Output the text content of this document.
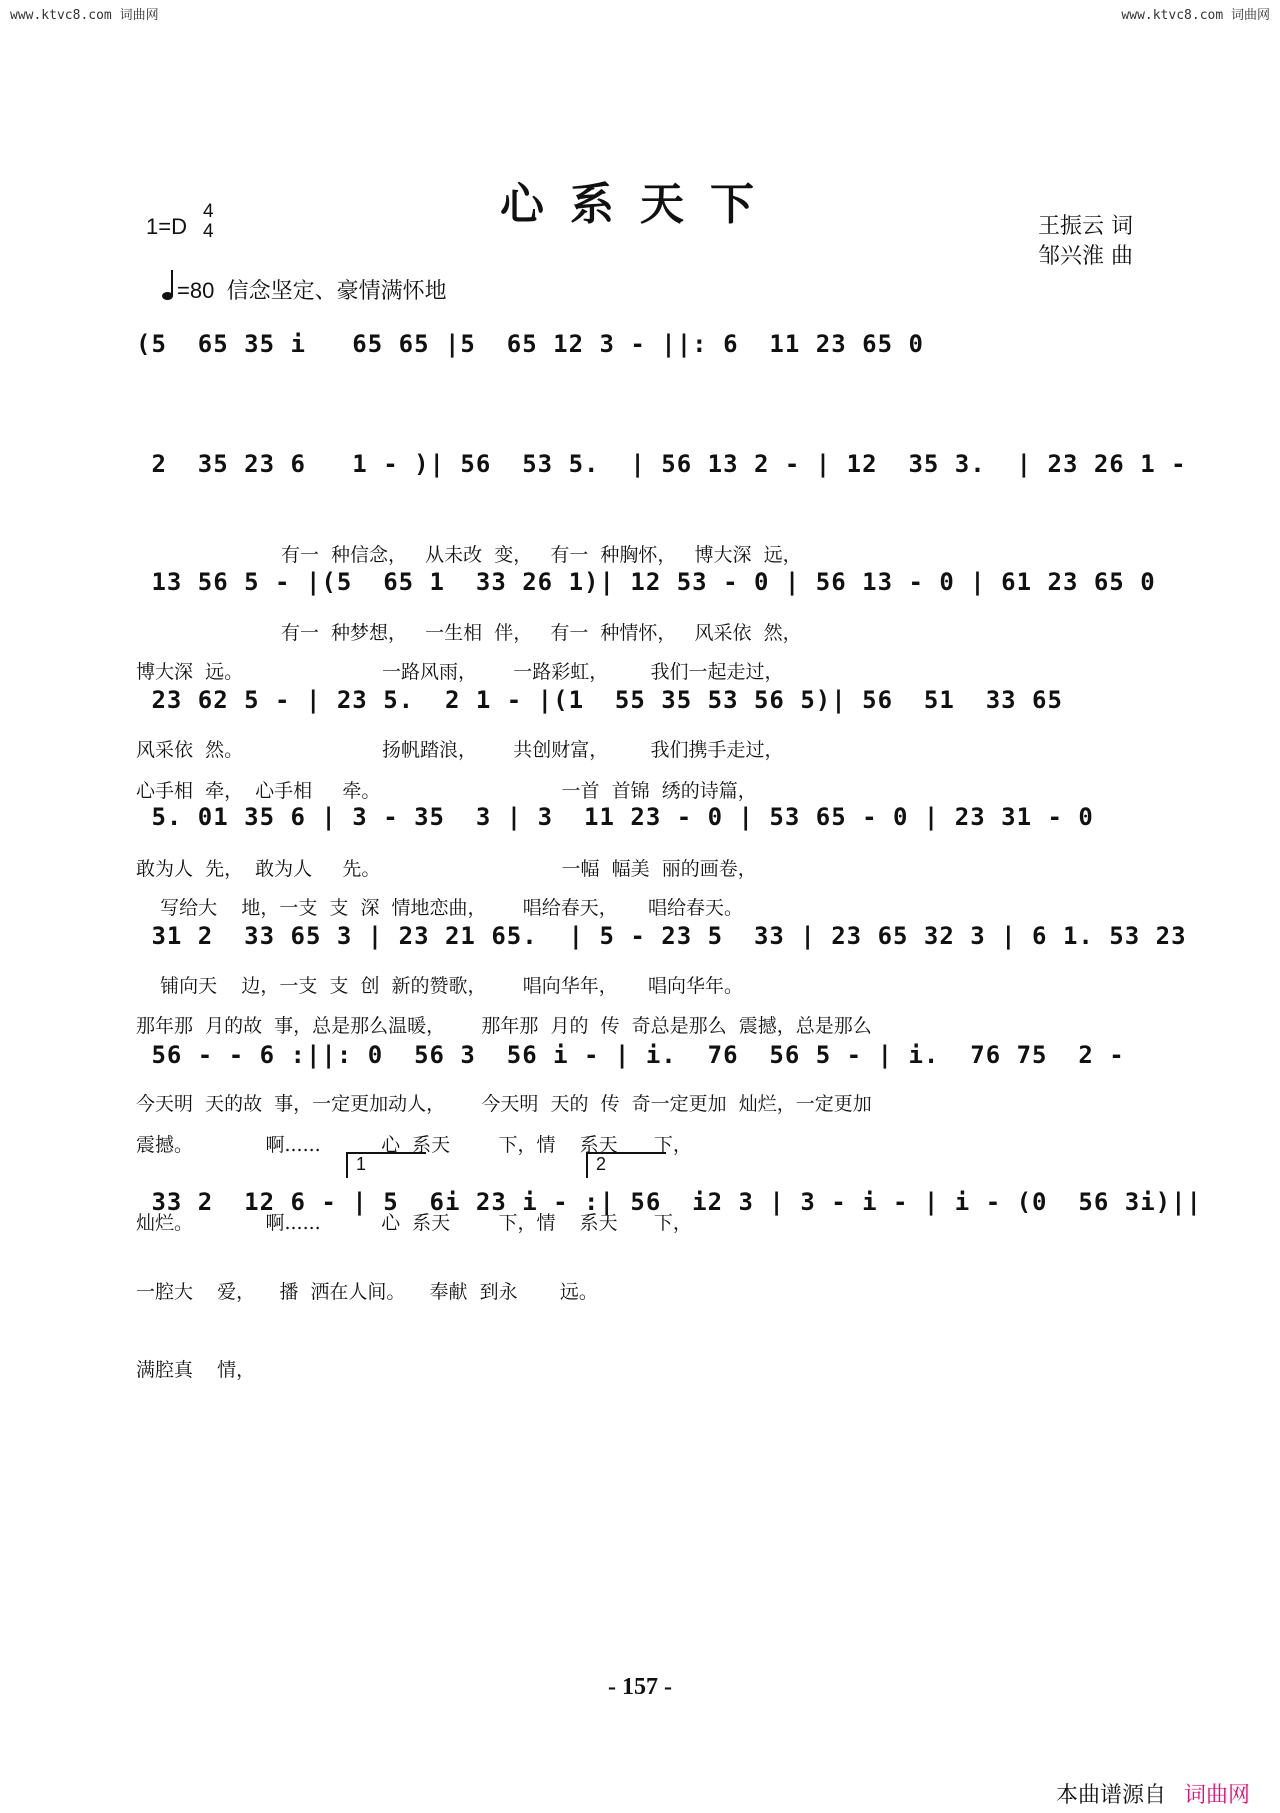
www.ktvc8.com 词曲网	www.ktvc8.com 词曲网
心系天下
1=D
4
4
=80 信念坚定、豪情满怀地
王振云 词
邹兴淮 曲
(5  65 35 i   65 65 |5  65 12 3 - ||: 6  11 23 65 0
2  35 23 6   1 - )| 56  53 5.  | 56 13 2 - | 12  35 3.  | 23 26 1 -

有一  种信念，   从未改  变，   有一  种胸怀，   博大深  远，

有一  种梦想，   一生相  伴，   有一  种情怀，   风采依  然，

13 56 5 - |(5  65 1  33 26 1)| 12 53 - 0 | 56 13 - 0 | 61 23 65 0

博大深  远。                       一路风雨，      一路彩虹，       我们一起走过，

风采依  然。                       扬帆踏浪，      共创财富，       我们携手走过，

23 62 5 - | 23 5.  2 1 - |(1  55 35 53 56 5)| 56  51  33 65

心手相  牵，  心手相     牵。                              一首  首锦  绣的诗篇，

敢为人  先，  敢为人     先。                              一幅  幅美  丽的画卷，

5. 01 35 6 | 3 - 35  3 | 3  11 23 - 0 | 53 65 - 0 | 23 31 - 0

写给大    地，一支  支  深  情地恋曲，      唱给春天，     唱给春天。

铺向天    边，一支  支  创  新的赞歌，      唱向华年，     唱向华年。

31 2  33 65 3 | 23 21 65.  | 5 - 23 5  33 | 23 65 32 3 | 6 1. 53 23

那年那  月的故  事，总是那么温暖，      那年那  月的  传  奇总是那么  震撼，总是那么

今天明  天的故  事，一定更加动人，      今天明  天的  传  奇一定更加  灿烂，一定更加

56 - - 6 :||: 0  56 3  56 i - | i.  76  56 5 - | i.  76 75  2 -

震撼。            啊......          心  系天        下，情    系天      下，

灿烂。            啊......          心  系天        下，情    系天      下，

1	2
33 2  12 6 - | 5  6i 23 i - :| 56  i2 3 | 3 - i - | i - (0  56 3i)||

一腔大    爱，    播  洒在人间。    奉献  到永       远。

满腔真    情，

- 157 -
本曲谱源自 词曲网
